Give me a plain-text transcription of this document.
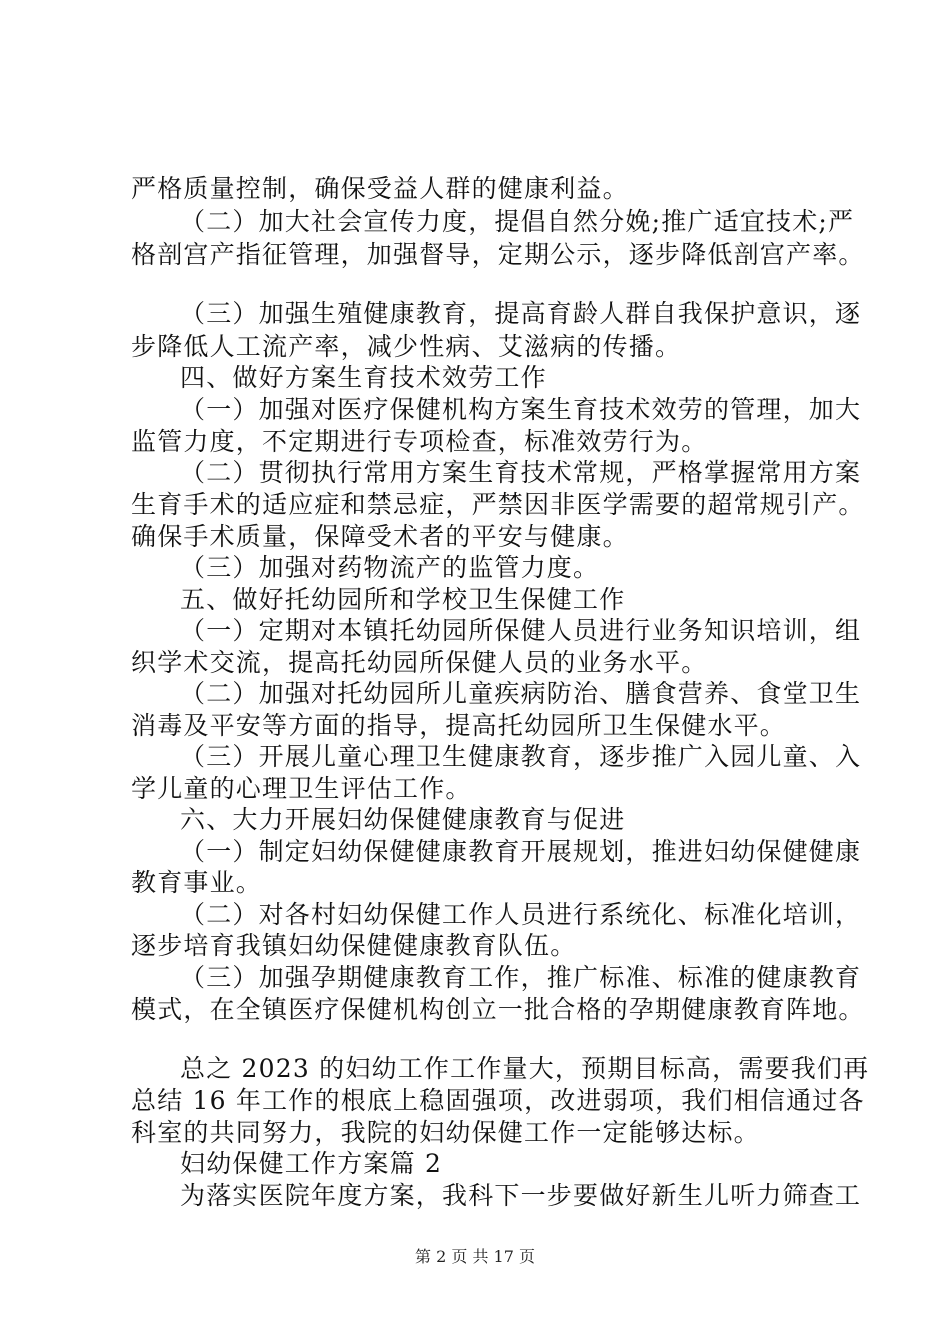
严格质量控制，确保受益人群的健康利益。
（二）加大社会宣传力度，提倡自然分娩;推广适宜技术;严
格剖宫产指征管理，加强督导，定期公示，逐步降低剖宫产率。
（三）加强生殖健康教育，提高育龄人群自我保护意识，逐
步降低人工流产率，减少性病、艾滋病的传播。
四、做好方案生育技术效劳工作
（一）加强对医疗保健机构方案生育技术效劳的管理，加大
监管力度，不定期进行专项检查，标准效劳行为。
（二）贯彻执行常用方案生育技术常规，严格掌握常用方案
生育手术的适应症和禁忌症，严禁因非医学需要的超常规引产。
确保手术质量，保障受术者的平安与健康。
（三）加强对药物流产的监管力度。
五、做好托幼园所和学校卫生保健工作
（一）定期对本镇托幼园所保健人员进行业务知识培训，组
织学术交流，提高托幼园所保健人员的业务水平。
（二）加强对托幼园所儿童疾病防治、膳食营养、食堂卫生
消毒及平安等方面的指导，提高托幼园所卫生保健水平。
（三）开展儿童心理卫生健康教育，逐步推广入园儿童、入
学儿童的心理卫生评估工作。
六、大力开展妇幼保健健康教育与促进
（一）制定妇幼保健健康教育开展规划，推进妇幼保健健康
教育事业。
（二）对各村妇幼保健工作人员进行系统化、标准化培训，
逐步培育我镇妇幼保健健康教育队伍。
（三）加强孕期健康教育工作，推广标准、标准的健康教育
模式，在全镇医疗保健机构创立一批合格的孕期健康教育阵地。
总之 2023 的妇幼工作工作量大，预期目标高，需要我们再
总结 16 年工作的根底上稳固强项，改进弱项，我们相信通过各
科室的共同努力，我院的妇幼保健工作一定能够达标。
妇幼保健工作方案篇 2
为落实医院年度方案，我科下一步要做好新生儿听力筛查工
第 2 页 共 17 页
